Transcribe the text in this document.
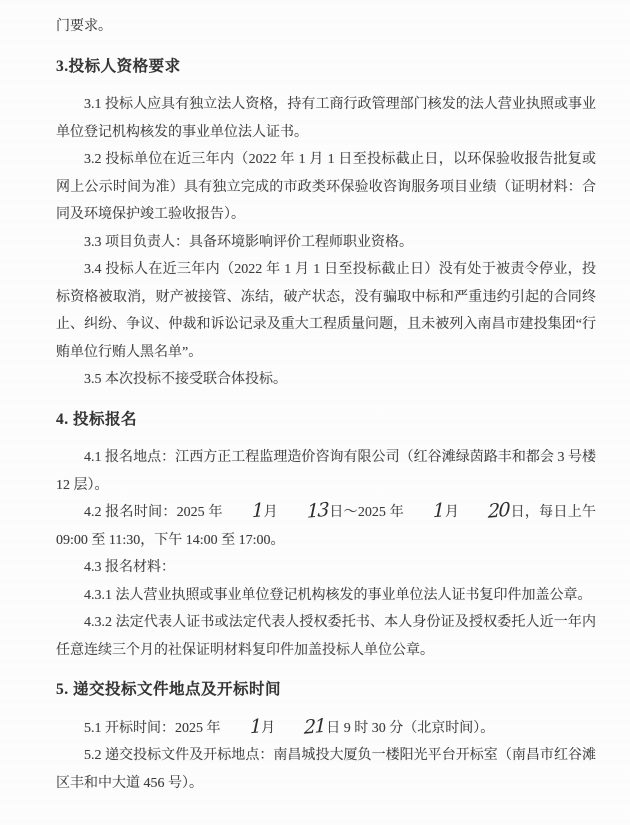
门要求。

3.投标人资格要求

3.1 投标人应具有独立法人资格，持有工商行政管理部门核发的法人营业执照或事业单位登记机构核发的事业单位法人证书。

3.2 投标单位在近三年内（2022 年 1 月 1 日至投标截止日，以环保验收报告批复或网上公示时间为准）具有独立完成的市政类环保验收咨询服务项目业绩（证明材料：合同及环境保护竣工验收报告）。

3.3 项目负责人：具备环境影响评价工程师职业资格。

3.4 投标人在近三年内（2022 年 1 月 1 日至投标截止日）没有处于被责令停业，投标资格被取消，财产被接管、冻结，破产状态，没有骗取中标和严重违约引起的合同终止、纠纷、争议、仲裁和诉讼记录及重大工程质量问题，且未被列入南昌市建投集团“行贿单位行贿人黑名单”。

3.5 本次投标不接受联合体投标。

4. 投标报名

4.1 报名地点：江西方正工程监理造价咨询有限公司（红谷滩绿茵路丰和都会 3 号楼 12 层）。

4.2 报名时间：2025 年 1月 13日～2025 年 1月 20日，每日上午 09:00 至 11:30，下午 14:00 至 17:00。

4.3 报名材料：

4.3.1 法人营业执照或事业单位登记机构核发的事业单位法人证书复印件加盖公章。

4.3.2 法定代表人证书或法定代表人授权委托书、本人身份证及授权委托人近一年内任意连续三个月的社保证明材料复印件加盖投标人单位公章。

5. 递交投标文件地点及开标时间

5.1 开标时间：2025 年 1月 21日 9 时 30 分（北京时间）。

5.2 递交投标文件及开标地点：南昌城投大厦负一楼阳光平台开标室（南昌市红谷滩区丰和中大道 456 号）。
